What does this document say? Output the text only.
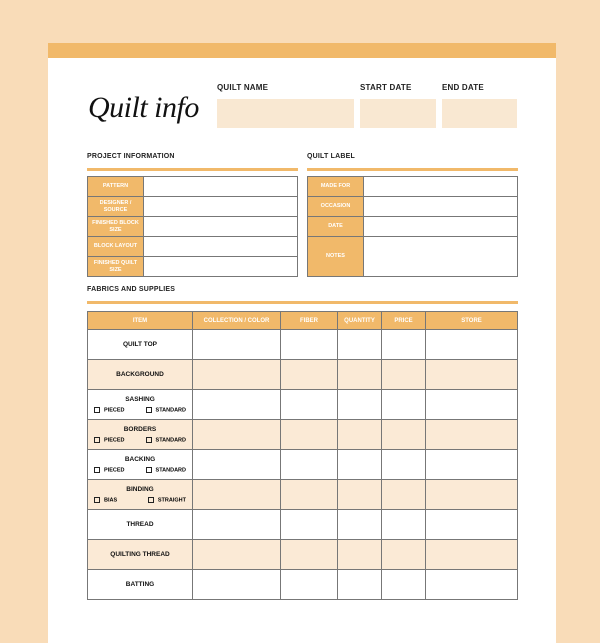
Quilt info
QUILT NAME	START DATE	END DATE
PROJECT INFORMATION	QUILT LABEL
PATTERN	
DESIGNER / SOURCE	
FINISHED BLOCK SIZE	
BLOCK LAYOUT	
FINISHED QUILT SIZE	
MADE FOR	
OCCASION	
DATE	
NOTES	
FABRICS AND SUPPLIES
ITEM	COLLECTION / COLOR	FIBER	QUANTITY	PRICE	STORE

QUILT TOP					

BACKGROUND					

SASHING
PIECED STANDARD					

BORDERS
PIECED STANDARD					

BACKING
PIECED STANDARD					

BINDING
BIAS STRAIGHT					

THREAD					

QUILTING THREAD					

BATTING					
